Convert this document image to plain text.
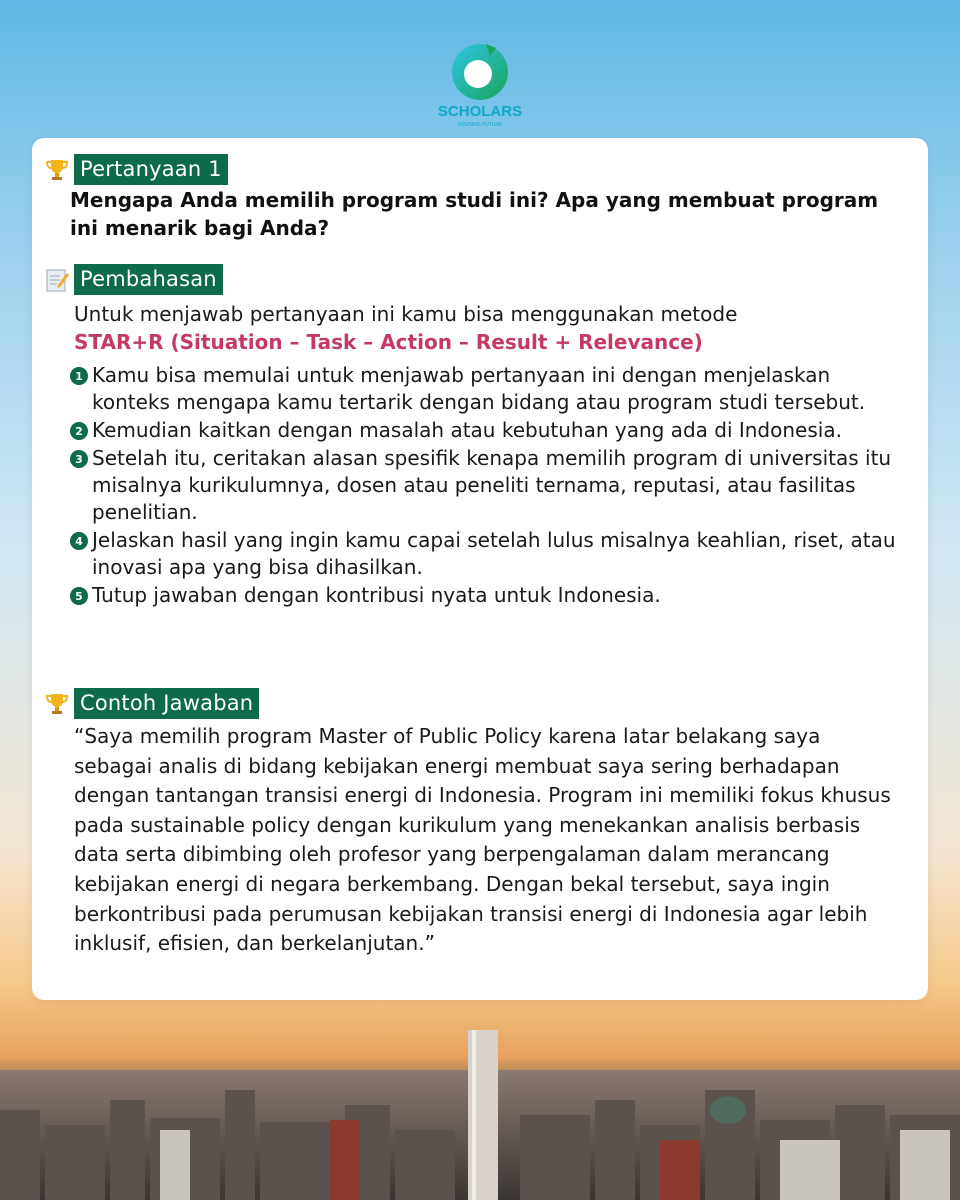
SCHOLARS
OPENING FUTURE
Pertanyaan 1
Mengapa Anda memilih program studi ini? Apa yang membuat program ini menarik bagi Anda?
Pembahasan
Untuk menjawab pertanyaan ini kamu bisa menggunakan metode
STAR+R (Situation – Task – Action – Result + Relevance)
1 Kamu bisa memulai untuk menjawab pertanyaan ini dengan menjelaskan konteks mengapa kamu tertarik dengan bidang atau program studi tersebut.
2 Kemudian kaitkan dengan masalah atau kebutuhan yang ada di Indonesia.
3 Setelah itu, ceritakan alasan spesifik kenapa memilih program di universitas itu misalnya kurikulumnya, dosen atau peneliti ternama, reputasi, atau fasilitas penelitian.
4 Jelaskan hasil yang ingin kamu capai setelah lulus misalnya keahlian, riset, atau inovasi apa yang bisa dihasilkan.
5 Tutup jawaban dengan kontribusi nyata untuk Indonesia.
Contoh Jawaban
“Saya memilih program Master of Public Policy karena latar belakang saya sebagai analis di bidang kebijakan energi membuat saya sering berhadapan dengan tantangan transisi energi di Indonesia. Program ini memiliki fokus khusus pada sustainable policy dengan kurikulum yang menekankan analisis berbasis data serta dibimbing oleh profesor yang berpengalaman dalam merancang kebijakan energi di negara berkembang. Dengan bekal tersebut, saya ingin berkontribusi pada perumusan kebijakan transisi energi di Indonesia agar lebih inklusif, efisien, dan berkelanjutan.”
